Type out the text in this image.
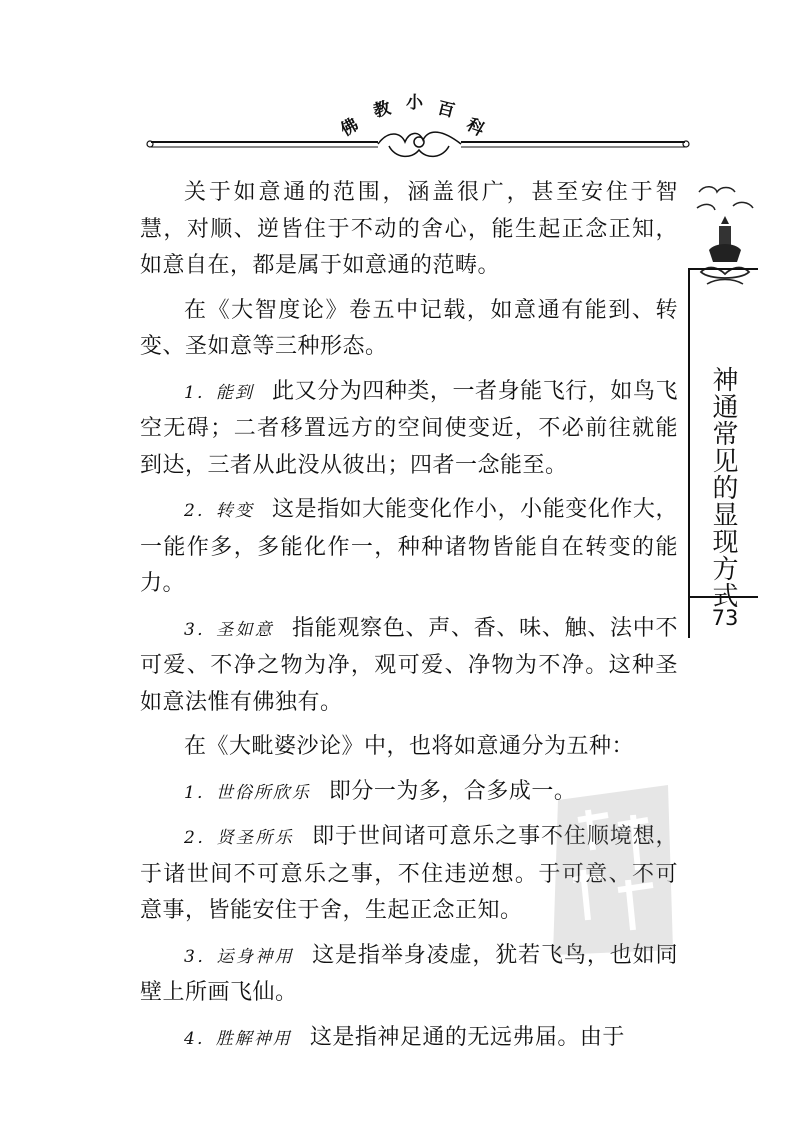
佛
教 小 百
科
神通常见的显现方式
73

关于如意通的范围，涵盖很广，甚至安住于智慧，对顺、逆皆住于不动的舍心，能生起正念正知，如意自在，都是属于如意通的范畴。

在《大智度论》卷五中记载，如意通有能到、转变、圣如意等三种形态。

1．能到 此又分为四种类，一者身能飞行，如鸟飞空无碍；二者移置远方的空间使变近，不必前往就能到达，三者从此没从彼出；四者一念能至。

2．转变 这是指如大能变化作小，小能变化作大，一能作多，多能化作一，种种诸物皆能自在转变的能力。

3．圣如意 指能观察色、声、香、味、触、法中不可爱、不净之物为净，观可爱、净物为不净。这种圣如意法惟有佛独有。

在《大毗婆沙论》中，也将如意通分为五种：

1．世俗所欣乐 即分一为多，合多成一。

2．贤圣所乐 即于世间诸可意乐之事不住顺境想，于诸世间不可意乐之事，不住违逆想。于可意、不可意事，皆能安住于舍，生起正念正知。

3．运身神用 这是指举身凌虚，犹若飞鸟，也如同壁上所画飞仙。

4．胜解神用 这是指神足通的无远弗届。由于
